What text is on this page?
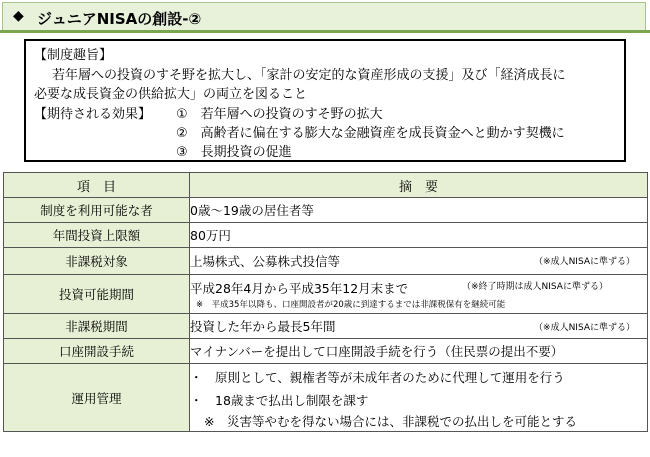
◆ ジュニアNISAの創設-②
【制度趣旨】
若年層への投資のすそ野を拡大し、「家計の安定的な資産形成の支援」及び「経済成長に
必要な成長資金の供給拡大」の両立を図ること
【期待される効果】 ①　若年層への投資のすそ野の拡大
②　高齢者に偏在する膨大な金融資産を成長資金へと動かす契機に
③　長期投資の促進
項　目	摘　要
制度を利用可能な者	0歳～19歳の居住者等
年間投資上限額	80万円
非課税対象	上場株式、公募株式投信等 （※成人NISAに準ずる）

投資可能期間	平成28年4月から平成35年12月末まで （※終了時期は成人NISAに準ずる）
※　平成35年以降も、口座開設者が20歳に到達するまでは非課税保有を継続可能

非課税期間	投資した年から最長5年間 （※成人NISAに準ずる）

口座開設手続	マイナンバーを提出して口座開設手続を行う（住民票の提出不要）
運用管理	・　原則として、親権者等が未成年者のために代理して運用を行う
・　18歳まで払出し制限を課す
※　災害等やむを得ない場合には、非課税での払出しを可能とする
